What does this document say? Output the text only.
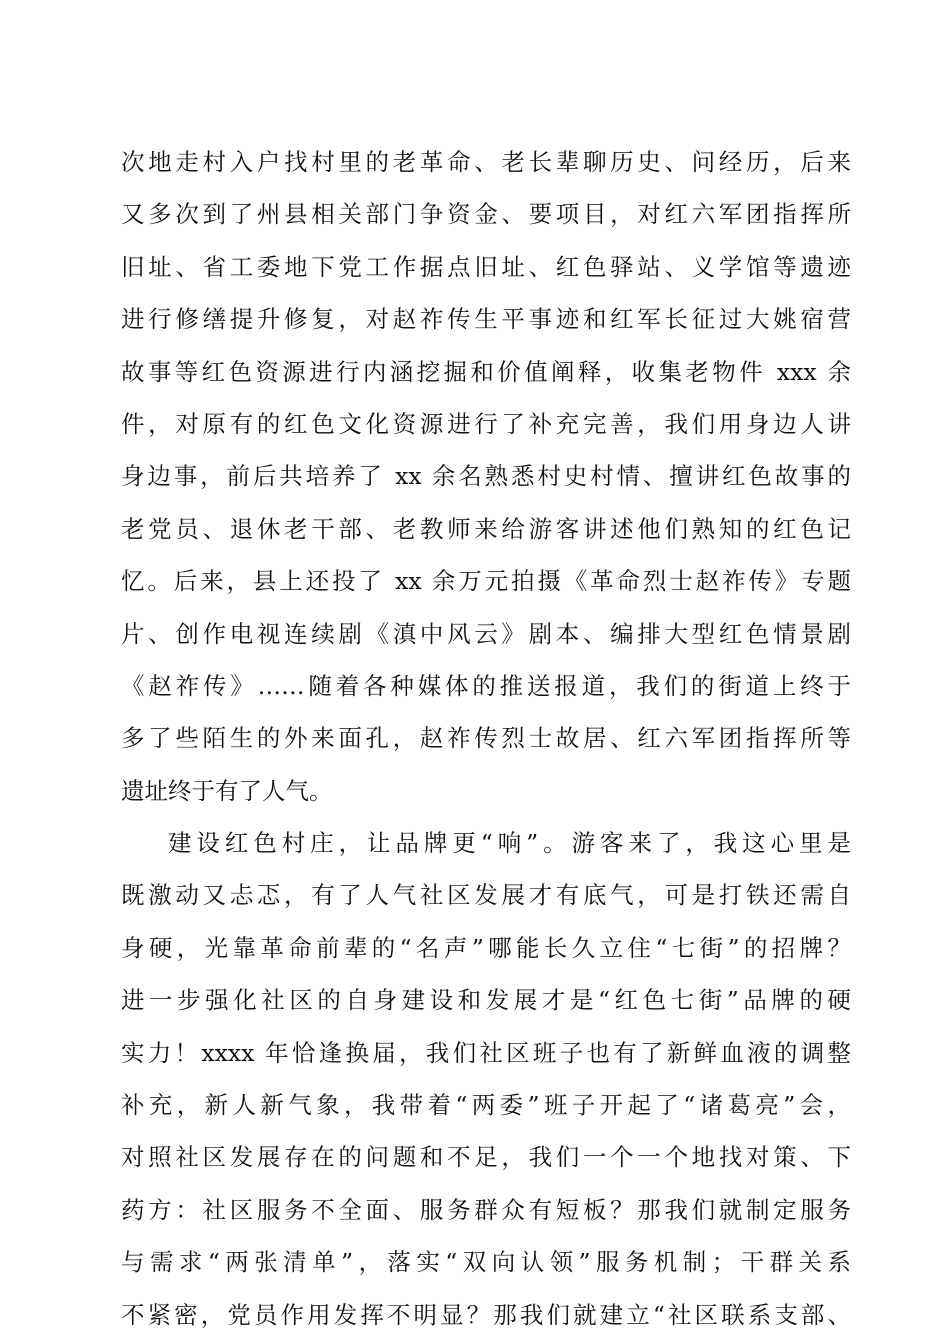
次地走村入户找村里的老革命、老长辈聊历史、问经历，后来
又多次到了州县相关部门争资金、要项目，对红六军团指挥所
旧址、省工委地下党工作据点旧址、红色驿站、义学馆等遗迹
进行修缮提升修复，对赵祚传生平事迹和红军长征过大姚宿营
故事等红色资源进行内涵挖掘和价值阐释，收集老物件 xxx 余
件，对原有的红色文化资源进行了补充完善，我们用身边人讲
身边事，前后共培养了 xx 余名熟悉村史村情、擅讲红色故事的
老党员、退休老干部、老教师来给游客讲述他们熟知的红色记
忆。后来，县上还投了 xx 余万元拍摄《革命烈士赵祚传》专题
片、创作电视连续剧《滇中风云》剧本、编排大型红色情景剧
《赵祚传》……随着各种媒体的推送报道，我们的街道上终于
多了些陌生的外来面孔，赵祚传烈士故居、红六军团指挥所等
遗址终于有了人气。
建设红色村庄，让品牌更“响”。游客来了，我这心里是
既激动又忐忑，有了人气社区发展才有底气，可是打铁还需自
身硬，光靠革命前辈的“名声”哪能长久立住“七街”的招牌？
进一步强化社区的自身建设和发展才是“红色七街”品牌的硬
实力！xxxx 年恰逢换届，我们社区班子也有了新鲜血液的调整
补充，新人新气象，我带着“两委”班子开起了“诸葛亮”会，
对照社区发展存在的问题和不足，我们一个一个地找对策、下
药方：社区服务不全面、服务群众有短板？那我们就制定服务
与需求“两张清单”，落实“双向认领”服务机制；干群关系
不紧密，党员作用发挥不明显？那我们就建立“社区联系支部、
